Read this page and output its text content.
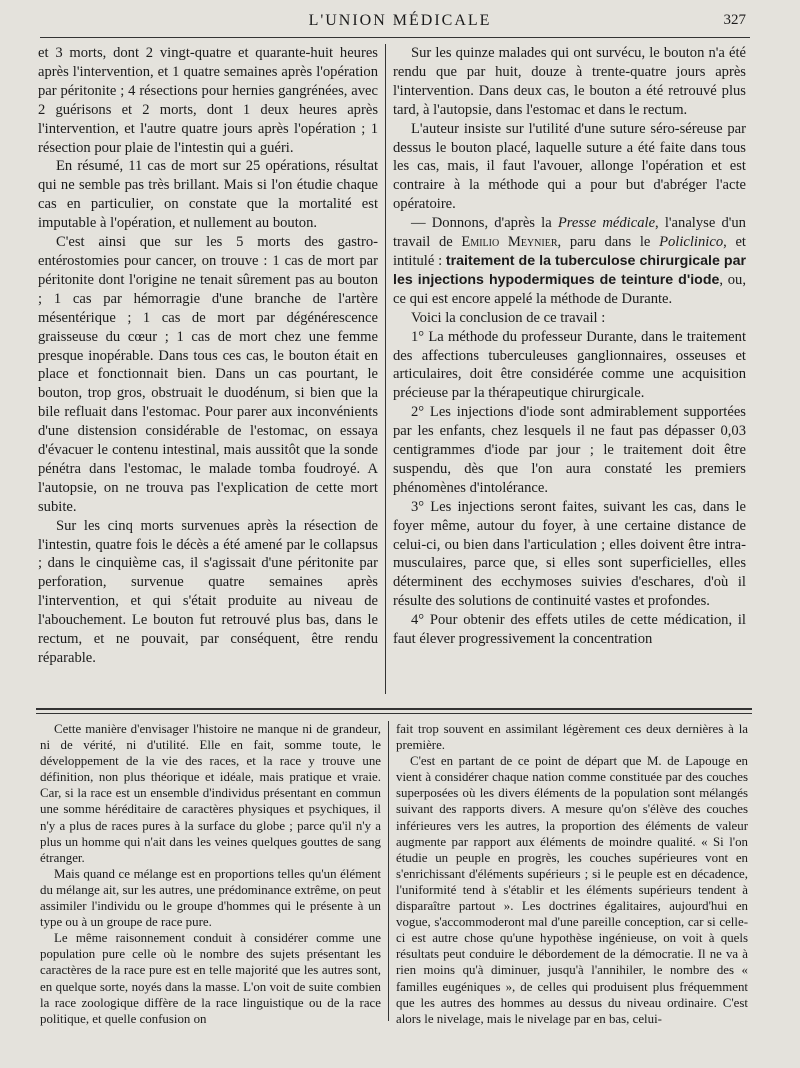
L'UNION MÉDICALE	327

et 3 morts, dont 2 vingt-quatre et quarante-huit heures après l'intervention, et 1 quatre semaines après l'opération par péritonite ; 4 résections pour hernies gangrénées, avec 2 guérisons et 2 morts, dont 1 deux heures après l'intervention, et l'autre quatre jours après l'opération ; 1 résection pour plaie de l'intestin qui a guéri.

En résumé, 11 cas de mort sur 25 opérations, résultat qui ne semble pas très brillant. Mais si l'on étudie chaque cas en particulier, on constate que la mortalité est imputable à l'opération, et nullement au bouton.

C'est ainsi que sur les 5 morts des gastro-entérostomies pour cancer, on trouve : 1 cas de mort par péritonite dont l'origine ne tenait sûrement pas au bouton ; 1 cas par hémorragie d'une branche de l'artère mésentérique ; 1 cas de mort par dégénérescence graisseuse du cœur ; 1 cas de mort chez une femme presque inopérable. Dans tous ces cas, le bouton était en place et fonctionnait bien. Dans un cas pourtant, le bouton, trop gros, obstruait le duodénum, si bien que la bile refluait dans l'estomac. Pour parer aux inconvénients d'une distension considérable de l'estomac, on essaya d'évacuer le contenu intestinal, mais aussitôt que la sonde pénétra dans l'estomac, le malade tomba foudroyé. A l'autopsie, on ne trouva pas l'explication de cette mort subite.

Sur les cinq morts survenues après la résection de l'intestin, quatre fois le décès a été amené par le collapsus ; dans le cinquième cas, il s'agissait d'une péritonite par perforation, survenue quatre semaines après l'intervention, et qui s'était produite au niveau de l'abouchement. Le bouton fut retrouvé plus bas, dans le rectum, et ne pouvait, par conséquent, être rendu réparable.

Sur les quinze malades qui ont survécu, le bouton n'a été rendu que par huit, douze à trente-quatre jours après l'intervention. Dans deux cas, le bouton a été retrouvé plus tard, à l'autopsie, dans l'estomac et dans le rectum.

L'auteur insiste sur l'utilité d'une suture séro-séreuse par dessus le bouton placé, laquelle suture a été faite dans tous les cas, mais, il faut l'avouer, allonge l'opération et est contraire à la méthode qui a pour but d'abréger l'acte opératoire.

— Donnons, d'après la Presse médicale, l'analyse d'un travail de Emilio Meynier, paru dans le Policlinico, et intitulé : traitement de la tuberculose chirurgicale par les injections hypodermiques de teinture d'iode, ou, ce qui est encore appelé la méthode de Durante.

Voici la conclusion de ce travail :

1° La méthode du professeur Durante, dans le traitement des affections tuberculeuses ganglionnaires, osseuses et articulaires, doit être considérée comme une acquisition précieuse par la thérapeutique chirurgicale.

2° Les injections d'iode sont admirablement supportées par les enfants, chez lesquels il ne faut pas dépasser 0,03 centigrammes d'iode par jour ; le traitement doit être suspendu, dès que l'on aura constaté les premiers phénomènes d'intolérance.

3° Les injections seront faites, suivant les cas, dans le foyer même, autour du foyer, à une certaine distance de celui-ci, ou bien dans l'articulation ; elles doivent être intra-musculaires, parce que, si elles sont superficielles, elles déterminent des ecchymoses suivies d'eschares, d'où il résulte des solutions de continuité vastes et profondes.

4° Pour obtenir des effets utiles de cette médication, il faut élever progressivement la concentration

Cette manière d'envisager l'histoire ne manque ni de grandeur, ni de vérité, ni d'utilité. Elle en fait, somme toute, le développement de la vie des races, et la race y trouve une définition, non plus théorique et idéale, mais pratique et vraie. Car, si la race est un ensemble d'individus présentant en commun une somme héréditaire de caractères physiques et psychiques, il n'y a plus de races pures à la surface du globe ; parce qu'il n'y a plus un homme qui n'ait dans les veines quelques gouttes de sang étranger.

Mais quand ce mélange est en proportions telles qu'un élément du mélange ait, sur les autres, une prédominance extrême, on peut assimiler l'individu ou le groupe d'hommes qui le présente à un type ou à un groupe de race pure.

Le même raisonnement conduit à considérer comme une population pure celle où le nombre des sujets présentant les caractères de la race pure est en telle majorité que les autres sont, en quelque sorte, noyés dans la masse. L'on voit de suite combien la race zoologique diffère de la race linguistique ou de la race politique, et quelle confusion on

fait trop souvent en assimilant légèrement ces deux dernières à la première.

C'est en partant de ce point de départ que M. de Lapouge en vient à considérer chaque nation comme constituée par des couches superposées où les divers éléments de la population sont mélangés suivant des rapports divers. A mesure qu'on s'élève des couches inférieures vers les autres, la proportion des éléments de valeur augmente par rapport aux éléments de moindre qualité. « Si l'on étudie un peuple en progrès, les couches supérieures vont en s'enrichissant d'éléments supérieurs ; si le peuple est en décadence, l'uniformité tend à s'établir et les éléments supérieurs tendent à disparaître partout ». Les doctrines égalitaires, aujourd'hui en vogue, s'accommoderont mal d'une pareille conception, car si celle-ci est autre chose qu'une hypothèse ingénieuse, on voit à quels résultats peut conduire le débordement de la démocratie. Il ne va à rien moins qu'à diminuer, jusqu'à l'annihiler, le nombre des « familles eugéniques », de celles qui produisent plus fréquemment que les autres des hommes au dessus du niveau ordinaire. C'est alors le nivelage, mais le nivelage par en bas, celui-
